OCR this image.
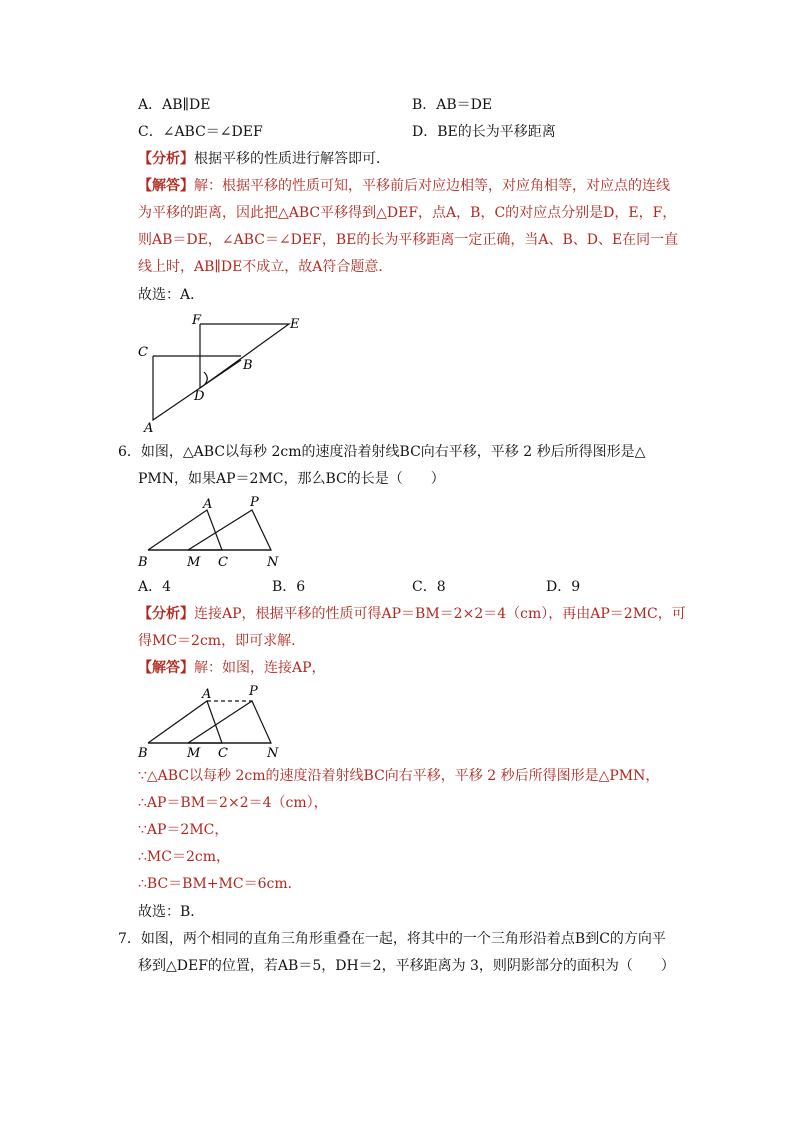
A．AB∥DE	B．AB＝DE
C．∠ABC＝∠DEF	D．BE的长为平移距离
【分析】根据平移的性质进行解答即可．
【解答】解：根据平移的性质可知，平移前后对应边相等，对应角相等，对应点的连线
为平移的距离，因此把△ABC平移得到△DEF，点A，B，C的对应点分别是D，E，F，
则AB＝DE，∠ABC＝∠DEF，BE的长为平移距离一定正确，当A、B、D、E在同一直
线上时，AB∥DE不成立，故A符合题意．
故选：A．
F	E
C
B
D
A
6．如图，△ABC以每秒 2cm的速度沿着射线BC向右平移，平移 2 秒后所得图形是△
PMN，如果AP＝2MC，那么BC的长是（　　）
A	P
B	M C	N
A．4	B．6	C．8	D．9
【分析】连接AP，根据平移的性质可得AP＝BM＝2×2＝4（cm），再由AP＝2MC，可
得MC＝2cm，即可求解．
【解答】解：如图，连接AP，
A	P
B	M C	N
∵△ABC以每秒 2cm的速度沿着射线BC向右平移，平移 2 秒后所得图形是△PMN，
∴AP＝BM＝2×2＝4（cm），
∵AP＝2MC，
∴MC＝2cm，
∴BC＝BM+MC＝6cm．
故选：B．
7．如图，两个相同的直角三角形重叠在一起，将其中的一个三角形沿着点B到C的方向平
移到△DEF的位置，若AB＝5，DH＝2，平移距离为 3，则阴影部分的面积为（　　）
